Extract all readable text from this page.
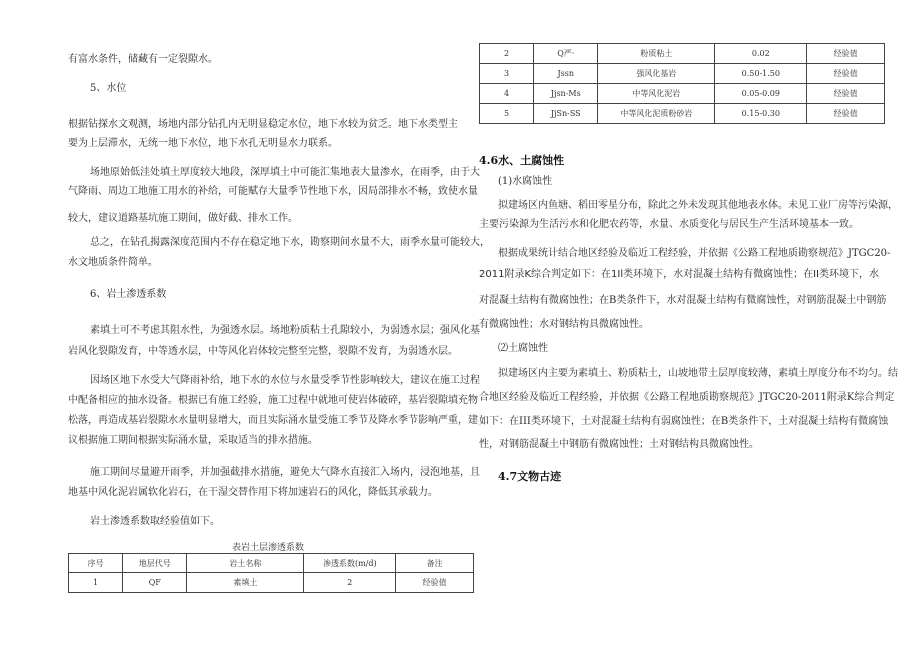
有富水条件，储藏有一定裂隙水。
5、水位
根据钻探水文观测，场地内部分钻孔内无明显稳定水位，地下水较为贫乏。地下水类型主
要为上层滞水，无统一地下水位，地下水孔无明显水力联系。
场地原始低洼处填土厚度较大地段，深厚填土中可能汇集地表大量渗水，在雨季，由于大
气降雨、周边工地施工用水的补给，可能赋存大量季节性地下水，因局部排水不畅，致使水量
较大，建议道路基坑施工期间，做好截、排水工作。
总之，在钻孔揭露深度范围内不存在稳定地下水，勘察期间水量不大，雨季水量可能较大，
水文地质条件简单。
6、岩土渗透系数
素填土可不考虑其阻水性，为强透水层。场地粉质粘土孔隙较小，为弱透水层；强风化基
岩风化裂隙发育，中等透水层，中等风化岩体较完整至完整，裂隙不发育，为弱透水层。
因场区地下水受大气降雨补给，地下水的水位与水量受季节性影响较大，建议在施工过程
中配备相应的抽水设备。根据已有施工经验，施工过程中就地可使岩体破碎，基岩裂隙填充物
松落，再造成基岩裂隙水水量明显增大，而且实际涌水量受施工季节及降水季节影响严重，建
议根据施工期间根据实际涌水量，采取适当的排水措施。
施工期间尽量避开雨季，并加强截排水措施，避免大气降水直接汇入场内，浸泡地基，且
地基中风化泥岩属软化岩石，在干湿交替作用下将加速岩石的风化，降低其承载力。
岩土渗透系数取经验值如下。
表岩土层渗透系数
序号	地层代号	岩土名称	渗透系数(m/d)	备注
1	QF	素填土	2	经验值
2	Q严·	粉质粘土	0.02	经验值
3	Jssn	强风化基岩	0.50-1.50	经验值
4	Jjsn-Ms	中等风化泥岩	0.05-0.09	经验值
5	JjSn-SS	中等风化泥质粉砂岩	0.15-0.30	经验值
4.6水、土腐蚀性
(1)水腐蚀性
拟建场区内鱼塘、稻田零星分布，除此之外未发现其他地表水体。未见工业厂房等污染源，
主要污染源为生活污水和化肥农药等，水量、水质变化与居民生产生活环境基本一致。
根据成果统计结合地区经验及临近工程经验，并依据《公路工程地质勘察规范》JTGC20-
2011附录K综合判定如下：在1Il类环境下，水对混凝土结构有微腐蚀性；在II类环境下，水
对混凝土结构有微腐蚀性；在B类条件下，水对混凝土结构有微腐蚀性，对钢筋混凝土中钢筋
有微腐蚀性；水对钢结构具微腐蚀性。
⑵土腐蚀性
拟建场区内主要为素填土、粉质粘土，山坡地带土层厚度较薄，素填土厚度分布不均匀。结
合地区经验及临近工程经验，并依据《公路工程地质勘察规范》JTGC20-2011附录K综合判定
如下：在III类环境下，土对混凝土结构有弱腐蚀性；在B类条件下，土对混凝土结构有微腐蚀
性，对钢筋混凝土中钢筋有微腐蚀性；土对钢结构具微腐蚀性。
4.7文物古迹
